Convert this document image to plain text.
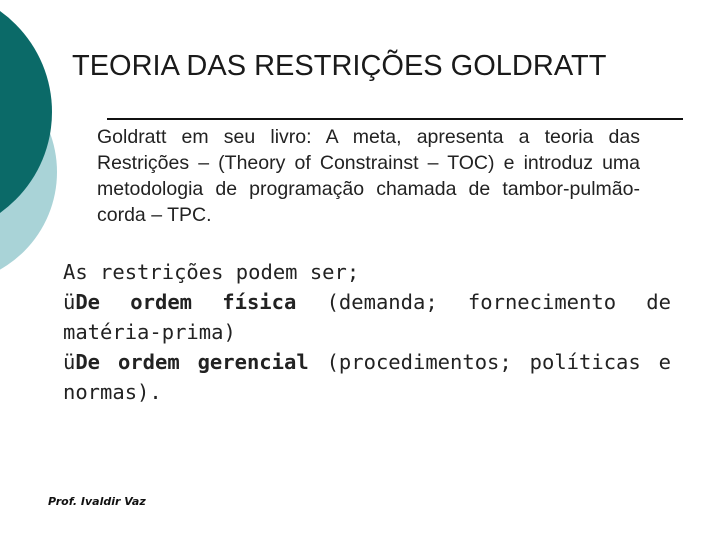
TEORIA DAS RESTRIÇÕES GOLDRATT
Goldratt em seu livro: A meta, apresenta a teoria das Restrições – (Theory of Constrainst – TOC) e introduz uma metodologia de programação chamada de tambor-pulmão-corda – TPC.

As restrições podem ser;

üDe ordem física (demanda; fornecimento de matéria-prima)

üDe ordem gerencial (procedimentos; políticas e normas).

Prof. Ivaldir Vaz
